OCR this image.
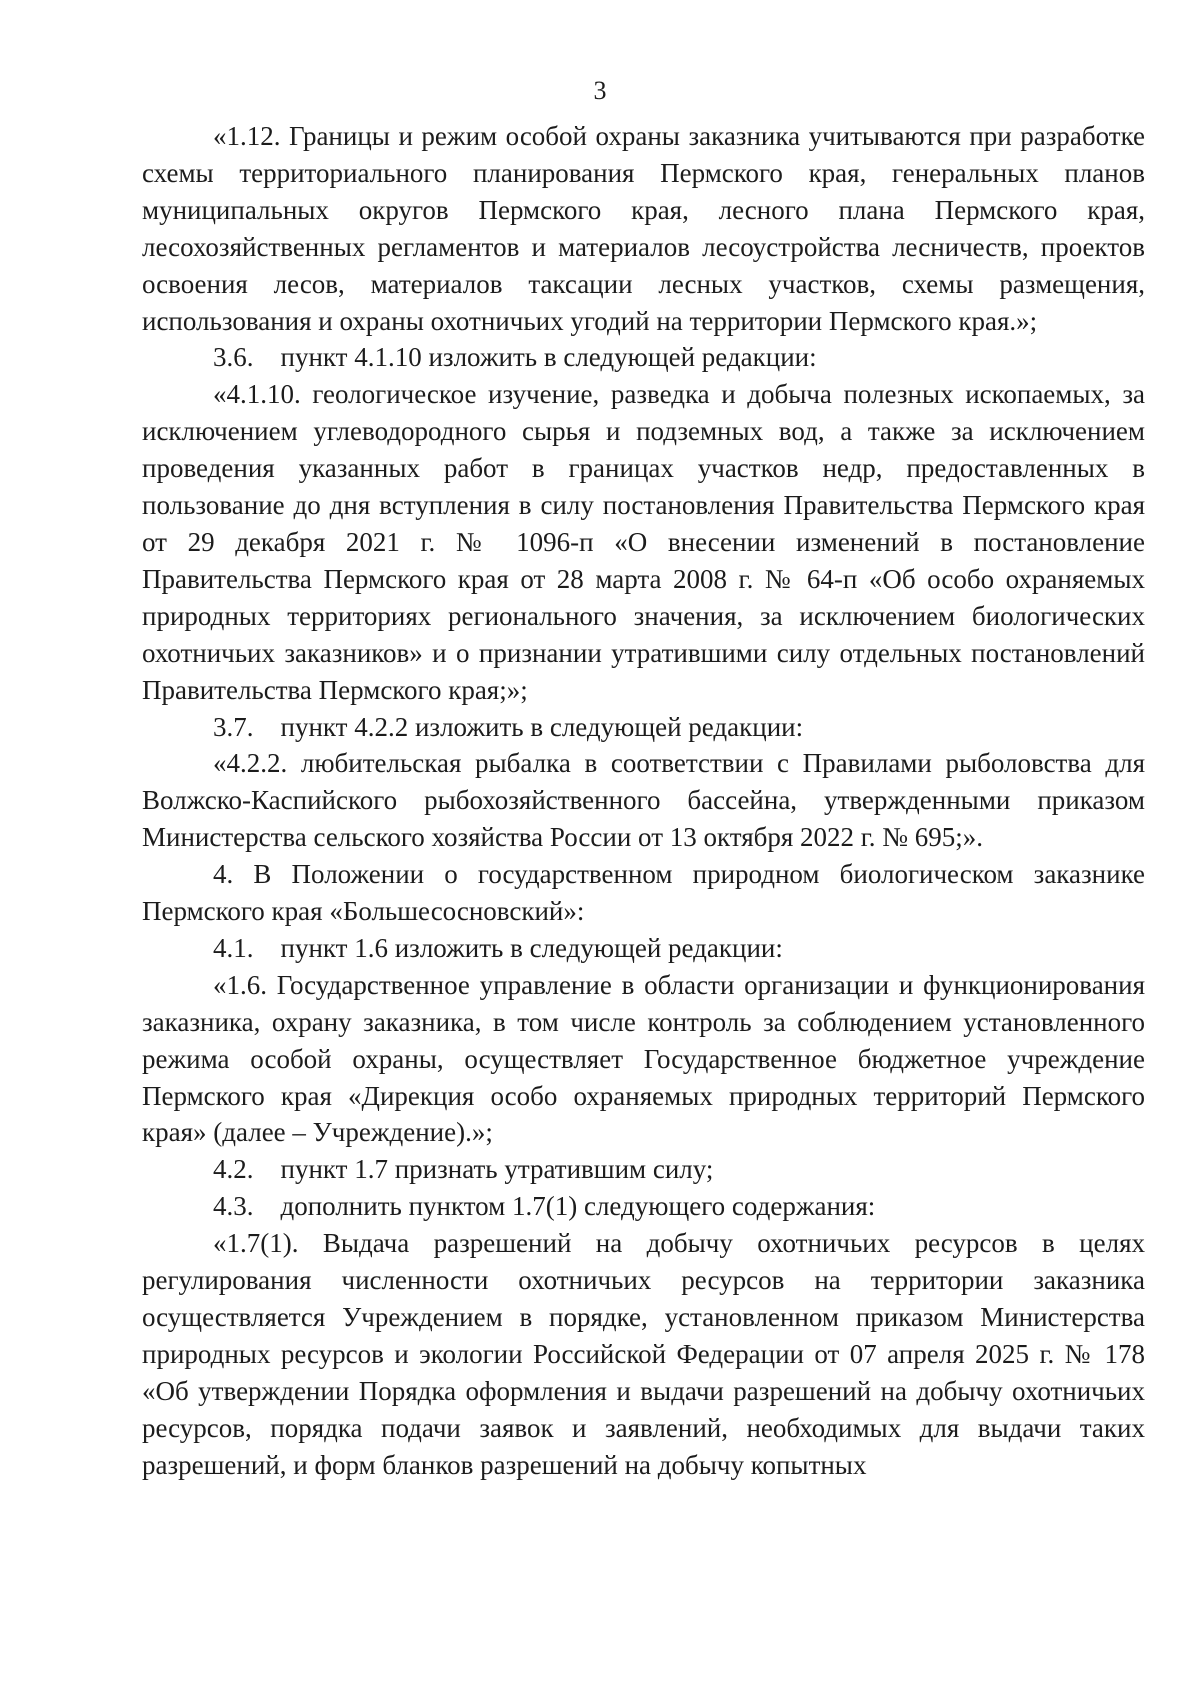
3

«1.12. Границы и режим особой охраны заказника учитываются при разработке схемы территориального планирования Пермского края, генеральных планов муниципальных округов Пермского края, лесного плана Пермского края, лесохозяйственных регламентов и материалов лесоустройства лесничеств, проектов освоения лесов, материалов таксации лесных участков, схемы размещения, использования и охраны охотничьих угодий на территории Пермского края.»;

3.6. пункт 4.1.10 изложить в следующей редакции:

«4.1.10. геологическое изучение, разведка и добыча полезных ископаемых, за исключением углеводородного сырья и подземных вод, а также за исключением проведения указанных работ в границах участков недр, предоставленных в пользование до дня вступления в силу постановления Правительства Пермского края от 29 декабря 2021 г. № 1096-п «О внесении изменений в постановление Правительства Пермского края от 28 марта 2008 г. № 64-п «Об особо охраняемых природных территориях регионального значения, за исключением биологических охотничьих заказников» и о признании утратившими силу отдельных постановлений Правительства Пермского края;»;

3.7. пункт 4.2.2 изложить в следующей редакции:

«4.2.2. любительская рыбалка в соответствии с Правилами рыболовства для Волжско-Каспийского рыбохозяйственного бассейна, утвержденными приказом Министерства сельского хозяйства России от 13 октября 2022 г. № 695;».

4. В Положении о государственном природном биологическом заказнике Пермского края «Большесосновский»:

4.1. пункт 1.6 изложить в следующей редакции:

«1.6. Государственное управление в области организации и функционирования заказника, охрану заказника, в том числе контроль за соблюдением установленного режима особой охраны, осуществляет Государственное бюджетное учреждение Пермского края «Дирекция особо охраняемых природных территорий Пермского края» (далее – Учреждение).»;

4.2. пункт 1.7 признать утратившим силу;

4.3. дополнить пунктом 1.7(1) следующего содержания:

«1.7(1). Выдача разрешений на добычу охотничьих ресурсов в целях регулирования численности охотничьих ресурсов на территории заказника осуществляется Учреждением в порядке, установленном приказом Министерства природных ресурсов и экологии Российской Федерации от 07 апреля 2025 г. № 178 «Об утверждении Порядка оформления и выдачи разрешений на добычу охотничьих ресурсов, порядка подачи заявок и заявлений, необходимых для выдачи таких разрешений, и форм бланков разрешений на добычу копытных
